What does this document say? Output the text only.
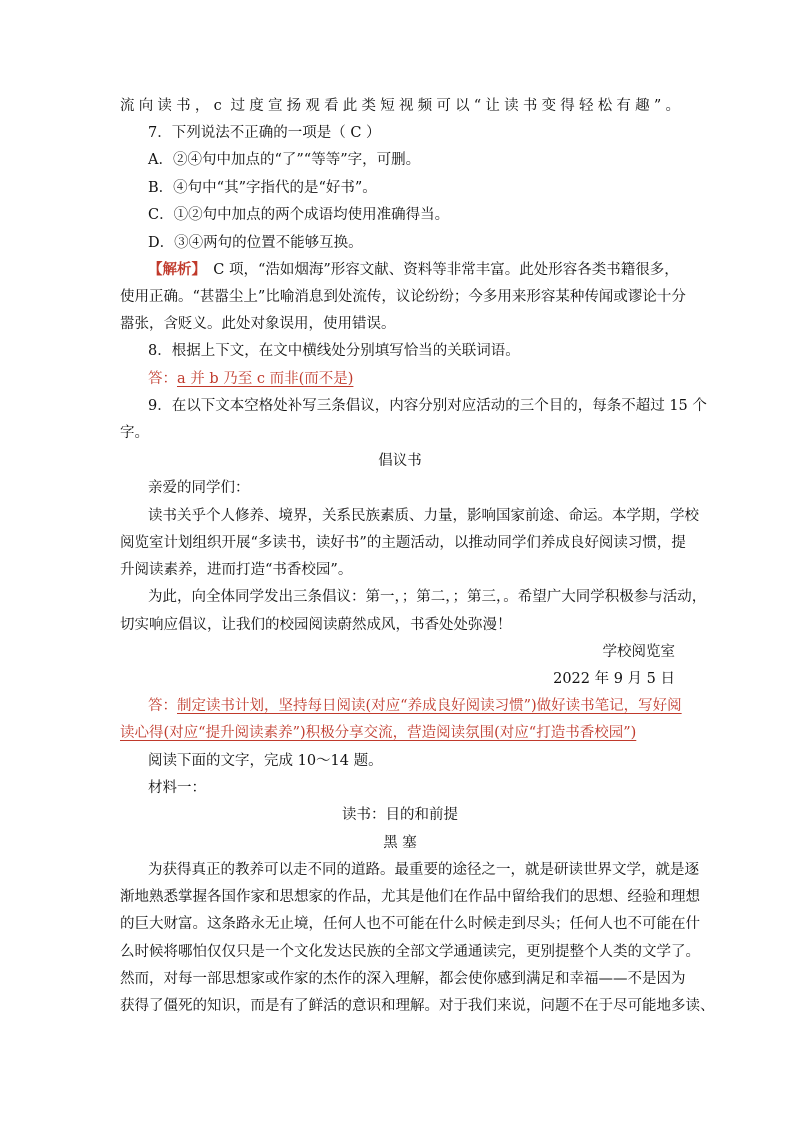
流向读书，c 过度宣扬观看此类短视频可以“让读书变得轻松有趣”。
7．下列说法不正确的一项是（ C ）
A．②④句中加点的“了”“等等”字，可删。
B．④句中“其”字指代的是“好书”。
C．①②句中加点的两个成语均使用准确得当。
D．③④两句的位置不能够互换。
【解析】　C 项，“浩如烟海”形容文献、资料等非常丰富。此处形容各类书籍很多，
使用正确。“甚嚣尘上”比喻消息到处流传，议论纷纷；今多用来形容某种传闻或谬论十分
嚣张，含贬义。此处对象误用，使用错误。
8．根据上下文，在文中横线处分别填写恰当的关联词语。
答：a 并 b 乃至 c 而非(而不是)
9．在以下文本空格处补写三条倡议，内容分别对应活动的三个目的，每条不超过 15 个
字。
倡议书
亲爱的同学们：
读书关乎个人修养、境界，关系民族素质、力量，影响国家前途、命运。本学期，学校
阅览室计划组织开展“多读书，读好书”的主题活动，以推动同学们养成良好阅读习惯，提
升阅读素养，进而打造“书香校园”。
为此，向全体同学发出三条倡议：第一，；第二，；第三，。希望广大同学积极参与活动，
切实响应倡议，让我们的校园阅读蔚然成风，书香处处弥漫！
学校阅览室
2022 年 9 月 5 日
答：制定读书计划，坚持每日阅读(对应“养成良好阅读习惯”)做好读书笔记，写好阅
读心得(对应“提升阅读素养”)积极分享交流，营造阅读氛围(对应“打造书香校园”)
阅读下面的文字，完成 10～14 题。
材料一：
读书：目的和前提
黑 塞
为获得真正的教养可以走不同的道路。最重要的途径之一，就是研读世界文学，就是逐
渐地熟悉掌握各国作家和思想家的作品，尤其是他们在作品中留给我们的思想、经验和理想
的巨大财富。这条路永无止境，任何人也不可能在什么时候走到尽头；任何人也不可能在什
么时候将哪怕仅仅只是一个文化发达民族的全部文学通通读完，更别提整个人类的文学了。
然而，对每一部思想家或作家的杰作的深入理解，都会使你感到满足和幸福——不是因为
获得了僵死的知识，而是有了鲜活的意识和理解。对于我们来说，问题不在于尽可能地多读、
